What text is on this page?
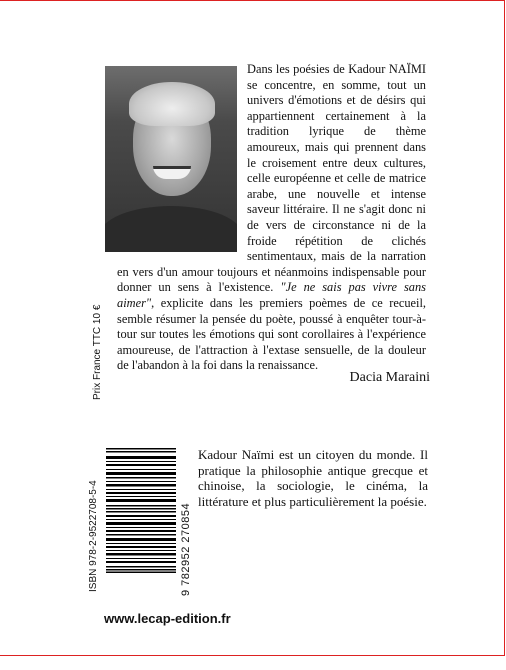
Dans les poésies de Kadour NAÏMI se concentre, en somme, tout un univers d'émotions et de désirs qui appartiennent certainement à la tradition lyrique de thème amoureux, mais qui prennent dans le croisement entre deux cultures, celle européenne et celle de matrice arabe, une nouvelle et intense saveur littéraire. Il ne s'agit donc ni de vers de circonstance ni de la froide répétition de clichés sentimentaux, mais de la narration en vers d'un amour toujours et néanmoins indispensable pour donner un sens à l'existence. "Je ne sais pas vivre sans aimer", explicite dans les premiers poèmes de ce recueil, semble résumer la pensée du poète, poussé à enquêter tour-à-tour sur toutes les émotions qui sont corollaires à l'expérience amoureuse, de l'attraction à l'extase sensuelle, de la douleur de l'abandon à la foi dans la renaissance.
Dacia Maraini
Prix France TTC 10 €
ISBN 978-2-9522708-5-4	9 782952 270854
Kadour Naïmi est un citoyen du monde. Il pratique la philosophie antique grecque et chinoise, la sociologie, le cinéma, la littérature et plus particulièrement la poésie.
www.lecap-edition.fr
